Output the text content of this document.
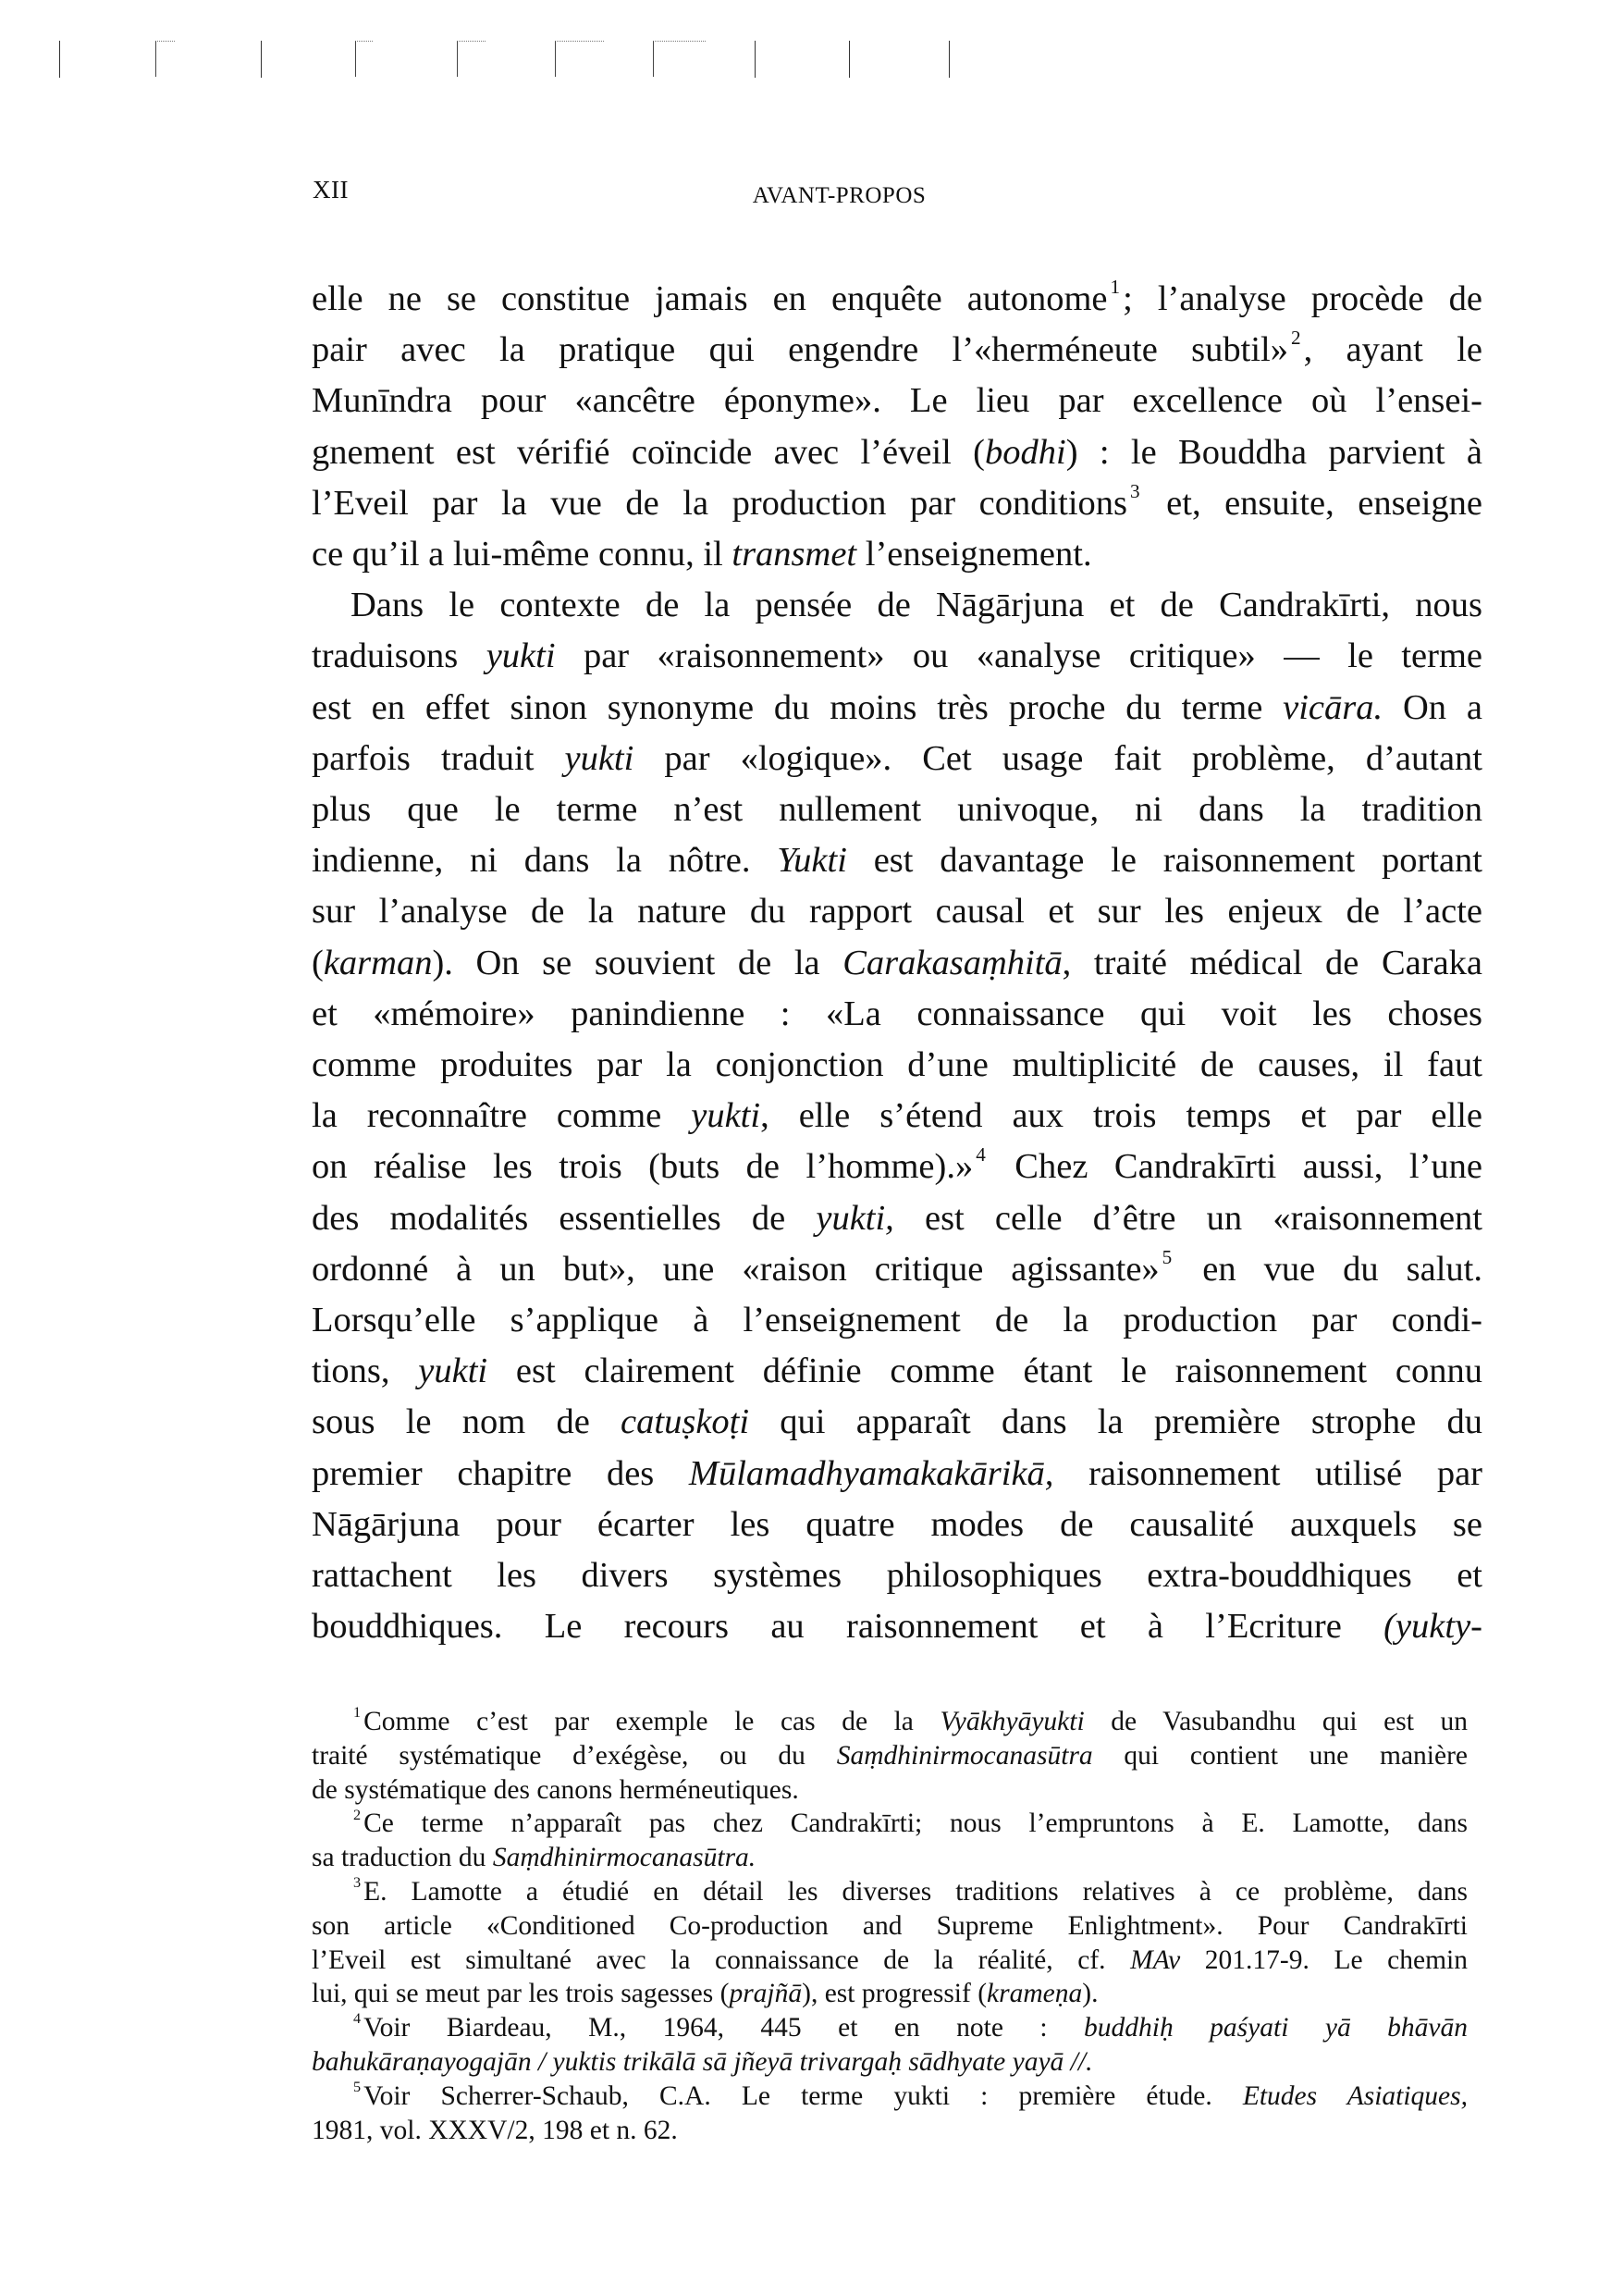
XII	AVANT-PROPOS

elle ne se constitue jamais en enquête autonome $^1$; l’analyse procède de
pair avec la pratique qui engendre l’«herméneute subtil» $^2$, ayant le
Munīndra pour «ancêtre éponyme». Le lieu par excellence où l’ensei-
gnement est vérifié coïncide avec l’éveil (bodhi) : le Bouddha parvient à
l’Eveil par la vue de la production par conditions $^3$ et, ensuite, enseigne
ce qu’il a lui-même connu, il transmet l’enseignement.

Dans le contexte de la pensée de Nāgārjuna et de Candrakīrti, nous
traduisons yukti par «raisonnement» ou «analyse critique» — le terme
est en effet sinon synonyme du moins très proche du terme vicāra. On a
parfois traduit yukti par «logique». Cet usage fait problème, d’autant
plus que le terme n’est nullement univoque, ni dans la tradition
indienne, ni dans la nôtre. Yukti est davantage le raisonnement portant
sur l’analyse de la nature du rapport causal et sur les enjeux de l’acte
(karman). On se souvient de la Carakasaṃhitā, traité médical de Caraka
et «mémoire» panindienne : «La connaissance qui voit les choses
comme produites par la conjonction d’une multiplicité de causes, il faut
la reconnaître comme yukti, elle s’étend aux trois temps et par elle
on réalise les trois (buts de l’homme).» $^4$ Chez Candrakīrti aussi, l’une
des modalités essentielles de yukti, est celle d’être un «raisonnement
ordonné à un but», une «raison critique agissante» $^5$ en vue du salut.
Lorsqu’elle s’applique à l’enseignement de la production par condi-
tions, yukti est clairement définie comme étant le raisonnement connu
sous le nom de catuṣkoṭi qui apparaît dans la première strophe du
premier chapitre des Mūlamadhyamakakārikā, raisonnement utilisé par
Nāgārjuna pour écarter les quatre modes de causalité auxquels se
rattachent les divers systèmes philosophiques extra-bouddhiques et
bouddhiques. Le recours au raisonnement et à l’Ecriture (yukty-

$^1$ Comme c’est par exemple le cas de la Vyākhyāyukti de Vasubandhu qui est un
traité systématique d’exégèse, ou du Saṃdhinirmocanasūtra qui contient une manière
de systématique des canons herméneutiques.
$^2$ Ce terme n’apparaît pas chez Candrakīrti; nous l’empruntons à E. Lamotte, dans
sa traduction du Saṃdhinirmocanasūtra.
$^3$ E. Lamotte a étudié en détail les diverses traditions relatives à ce problème, dans
son article «Conditioned Co-production and Supreme Enlightment». Pour Candrakīrti
l’Eveil est simultané avec la connaissance de la réalité, cf. MAv 201.17-9. Le chemin
lui, qui se meut par les trois sagesses (prajñā), est progressif (kramеṇa).
$^4$ Voir Biardeau, M., 1964, 445 et en note : buddhiḥ paśyati yā bhāvān
bahukāraṇayogajān / yuktis trikālā sā jñeyā trivargaḥ sādhyate yayā //.
$^5$ Voir Scherrer-Schaub, C.A. Le terme yukti : première étude. Etudes Asiatiques,
1981, vol. XXXV/2, 198 et n. 62.
